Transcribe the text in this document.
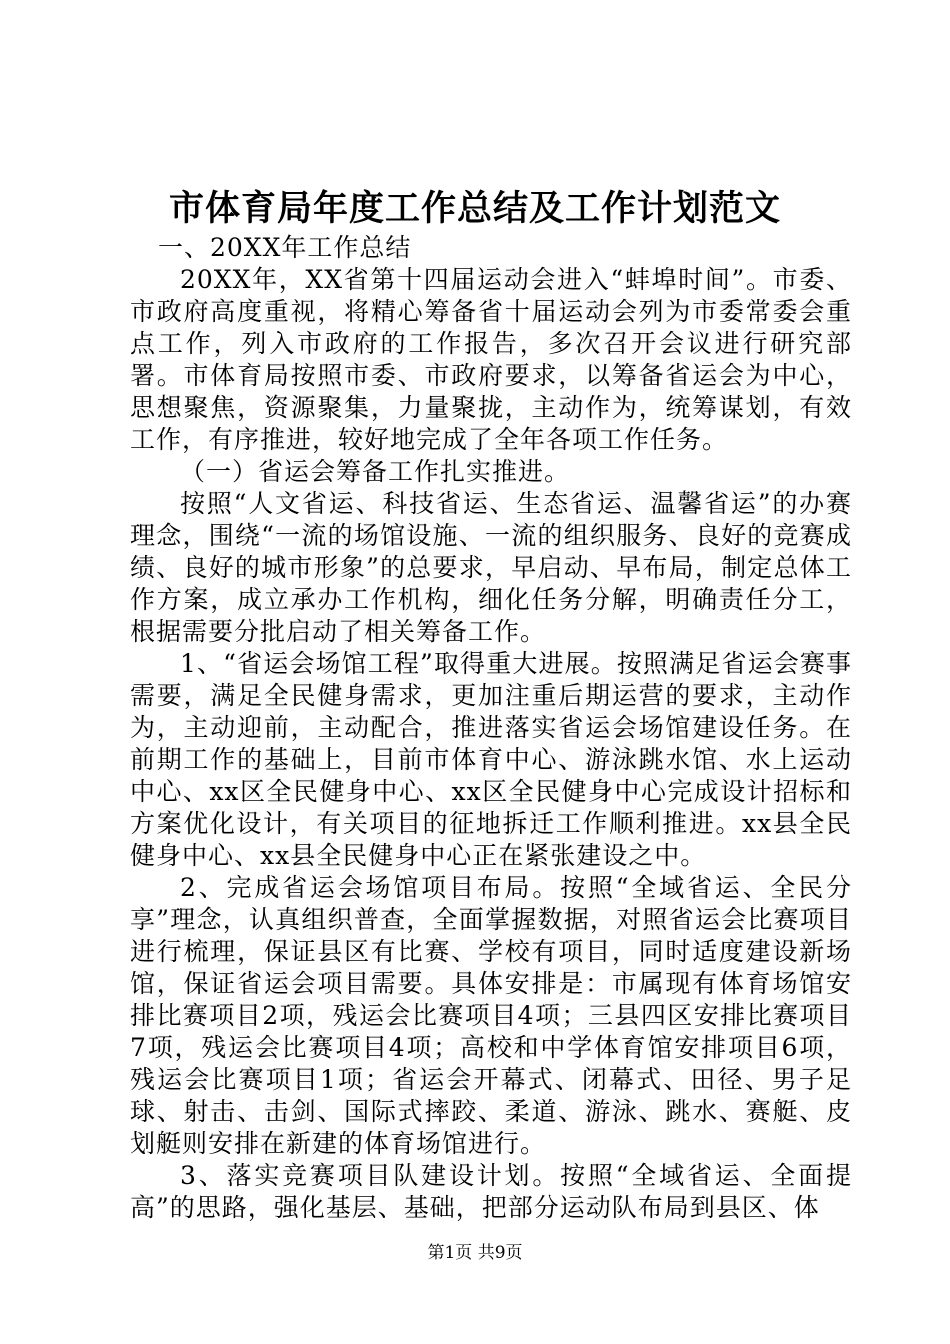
市体育局年度工作总结及工作计划范文

一、20XX年工作总结

20XX年，XX省第十四届运动会进入“蚌埠时间”。市委、市政府高度重视，将精心筹备省十届运动会列为市委常委会重点工作，列入市政府的工作报告，多次召开会议进行研究部署。市体育局按照市委、市政府要求，以筹备省运会为中心，思想聚焦，资源聚集，力量聚拢，主动作为，统筹谋划，有效工作，有序推进，较好地完成了全年各项工作任务。

（一）省运会筹备工作扎实推进。

按照“人文省运、科技省运、生态省运、温馨省运”的办赛理念，围绕“一流的场馆设施、一流的组织服务、良好的竞赛成绩、良好的城市形象”的总要求，早启动、早布局，制定总体工作方案，成立承办工作机构，细化任务分解，明确责任分工，根据需要分批启动了相关筹备工作。

1、“省运会场馆工程”取得重大进展。按照满足省运会赛事需要，满足全民健身需求，更加注重后期运营的要求，主动作为，主动迎前，主动配合，推进落实省运会场馆建设任务。在前期工作的基础上，目前市体育中心、游泳跳水馆、水上运动中心、xx区全民健身中心、xx区全民健身中心完成设计招标和方案优化设计，有关项目的征地拆迁工作顺利推进。xx县全民健身中心、xx县全民健身中心正在紧张建设之中。

2、完成省运会场馆项目布局。按照“全域省运、全民分享”理念，认真组织普查，全面掌握数据，对照省运会比赛项目进行梳理，保证县区有比赛、学校有项目，同时适度建设新场馆，保证省运会项目需要。具体安排是：市属现有体育场馆安排比赛项目2项，残运会比赛项目4项；三县四区安排比赛项目7项，残运会比赛项目4项；高校和中学体育馆安排项目6项，残运会比赛项目1项；省运会开幕式、闭幕式、田径、男子足球、射击、击剑、国际式摔跤、柔道、游泳、跳水、赛艇、皮划艇则安排在新建的体育场馆进行。

3、落实竞赛项目队建设计划。按照“全域省运、全面提高”的思路，强化基层、基础，把部分运动队布局到县区、体

第1页 共9页
